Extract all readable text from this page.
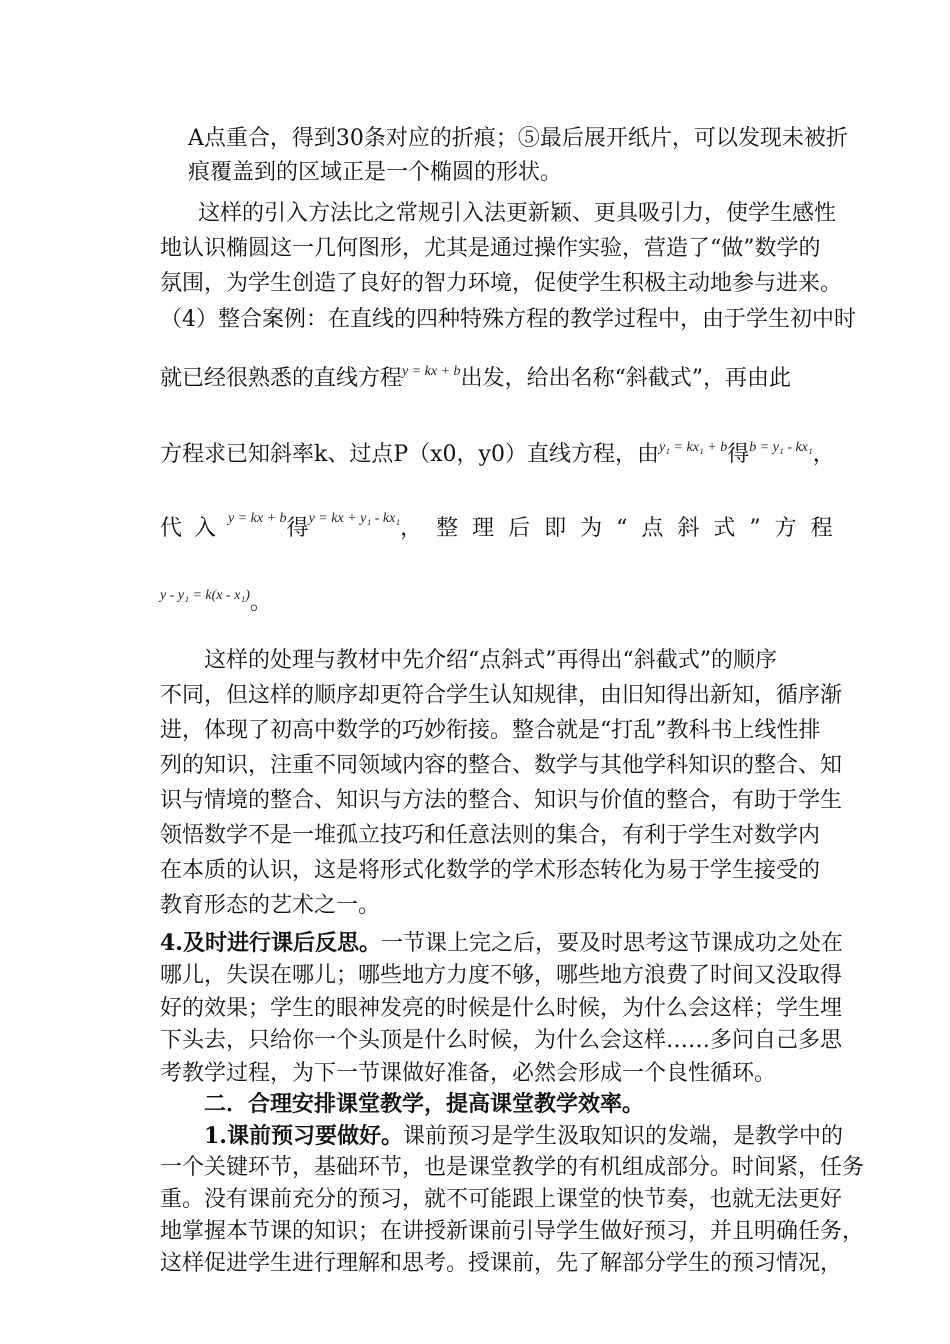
A点重合，得到30条对应的折痕；⑤最后展开纸片，可以发现未被折
痕覆盖到的区域正是一个椭圆的形状。
这样的引入方法比之常规引入法更新颖、更具吸引力，使学生感性
地认识椭圆这一几何图形，尤其是通过操作实验，营造了“做”数学的
氛围，为学生创造了良好的智力环境，促使学生积极主动地参与进来。
（4）整合案例：在直线的四种特殊方程的教学过程中，由于学生初中时
就已经很熟悉的直线方程$^{y = kx + b}$出发，给出名称“斜截式”，再由此
方程求已知斜率k、过点P（x0，y0）直线方程，由$^{y_1 = kx_1 + b}$得$^{b = y_1 - kx_1}$，
代入 y = kx + b 得 y = kx + y₁ - kx₁ ，整理后即为“点斜式”方程
$^{y - y_1 = k(x - x_1)}$。
这样的处理与教材中先介绍“点斜式”再得出“斜截式”的顺序
不同，但这样的顺序却更符合学生认知规律，由旧知得出新知，循序渐
进，体现了初高中数学的巧妙衔接。整合就是“打乱”教科书上线性排
列的知识，注重不同领域内容的整合、数学与其他学科知识的整合、知
识与情境的整合、知识与方法的整合、知识与价值的整合，有助于学生
领悟数学不是一堆孤立技巧和任意法则的集合，有利于学生对数学内
在本质的认识，这是将形式化数学的学术形态转化为易于学生接受的
教育形态的艺术之一。
4.及时进行课后反思。一节课上完之后，要及时思考这节课成功之处在
哪儿，失误在哪儿；哪些地方力度不够，哪些地方浪费了时间又没取得
好的效果；学生的眼神发亮的时候是什么时候，为什么会这样；学生埋
下头去，只给你一个头顶是什么时候，为什么会这样……多问自己多思
考教学过程，为下一节课做好准备，必然会形成一个良性循环。
二．合理安排课堂教学，提高课堂教学效率。
1.课前预习要做好。课前预习是学生汲取知识的发端，是教学中的
一个关键环节，基础环节，也是课堂教学的有机组成部分。时间紧，任务
重。没有课前充分的预习，就不可能跟上课堂的快节奏，也就无法更好
地掌握本节课的知识；在讲授新课前引导学生做好预习，并且明确任务，
这样促进学生进行理解和思考。授课前，先了解部分学生的预习情况，
